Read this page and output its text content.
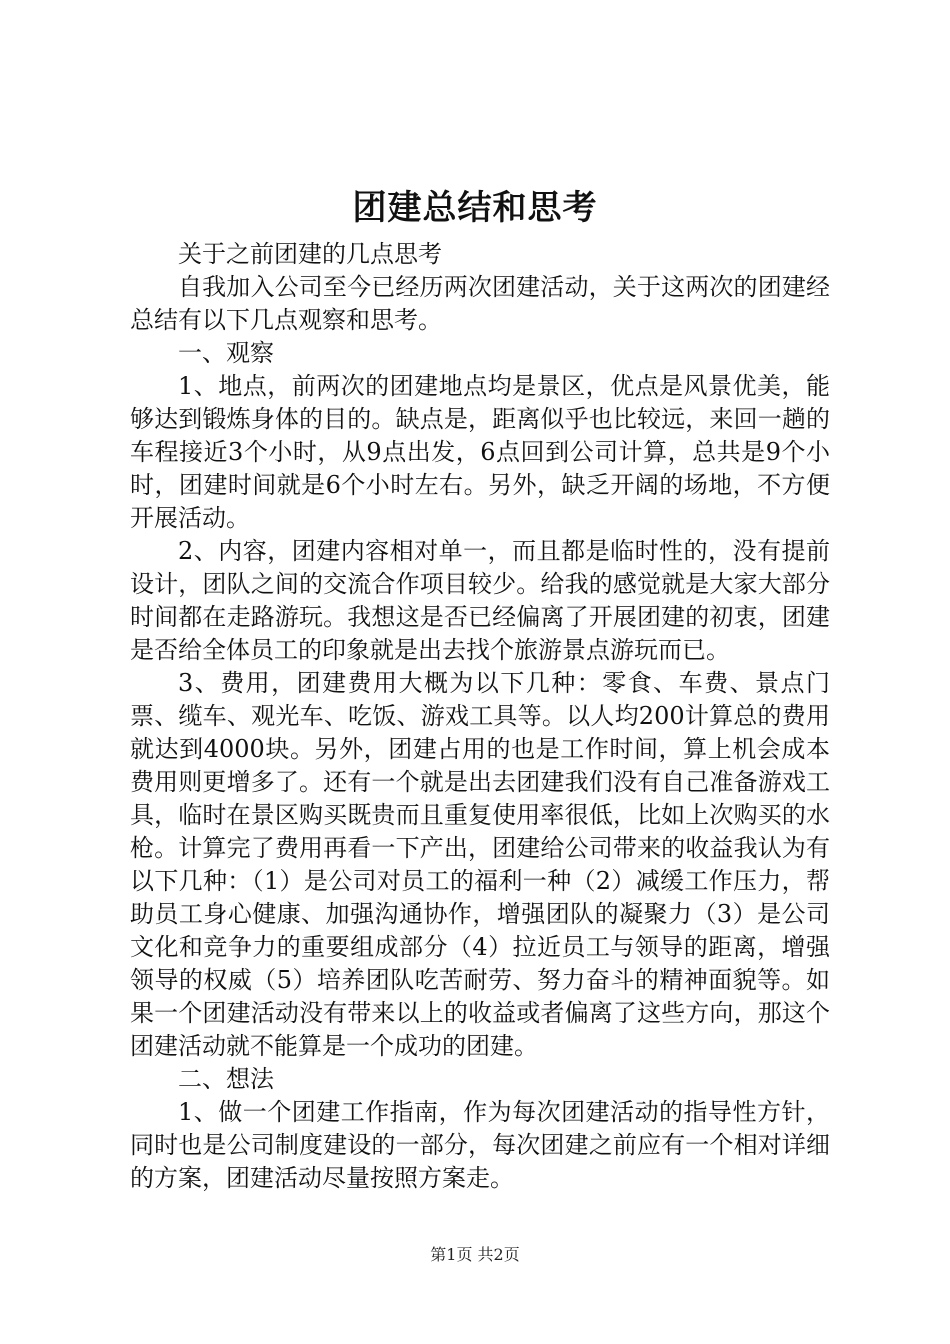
团建总结和思考

关于之前团建的几点思考

自我加入公司至今已经历两次团建活动，关于这两次的团建经总结有以下几点观察和思考。

一、观察

1、地点，前两次的团建地点均是景区，优点是风景优美，能够达到锻炼身体的目的。缺点是，距离似乎也比较远，来回一趟的车程接近3个小时，从9点出发，6点回到公司计算，总共是9个小时，团建时间就是6个小时左右。另外，缺乏开阔的场地，不方便开展活动。

2、内容，团建内容相对单一，而且都是临时性的，没有提前设计，团队之间的交流合作项目较少。给我的感觉就是大家大部分时间都在走路游玩。我想这是否已经偏离了开展团建的初衷，团建是否给全体员工的印象就是出去找个旅游景点游玩而已。

3、费用，团建费用大概为以下几种：零食、车费、景点门票、缆车、观光车、吃饭、游戏工具等。以人均200计算总的费用就达到4000块。另外，团建占用的也是工作时间，算上机会成本费用则更增多了。还有一个就是出去团建我们没有自己准备游戏工具，临时在景区购买既贵而且重复使用率很低，比如上次购买的水枪。计算完了费用再看一下产出，团建给公司带来的收益我认为有以下几种：（1）是公司对员工的福利一种（2）减缓工作压力，帮助员工身心健康、加强沟通协作，增强团队的凝聚力（3）是公司文化和竞争力的重要组成部分（4）拉近员工与领导的距离，增强领导的权威（5）培养团队吃苦耐劳、努力奋斗的精神面貌等。如果一个团建活动没有带来以上的收益或者偏离了这些方向，那这个团建活动就不能算是一个成功的团建。

二、想法

1、做一个团建工作指南，作为每次团建活动的指导性方针，同时也是公司制度建设的一部分，每次团建之前应有一个相对详细的方案，团建活动尽量按照方案走。

第1页 共2页
